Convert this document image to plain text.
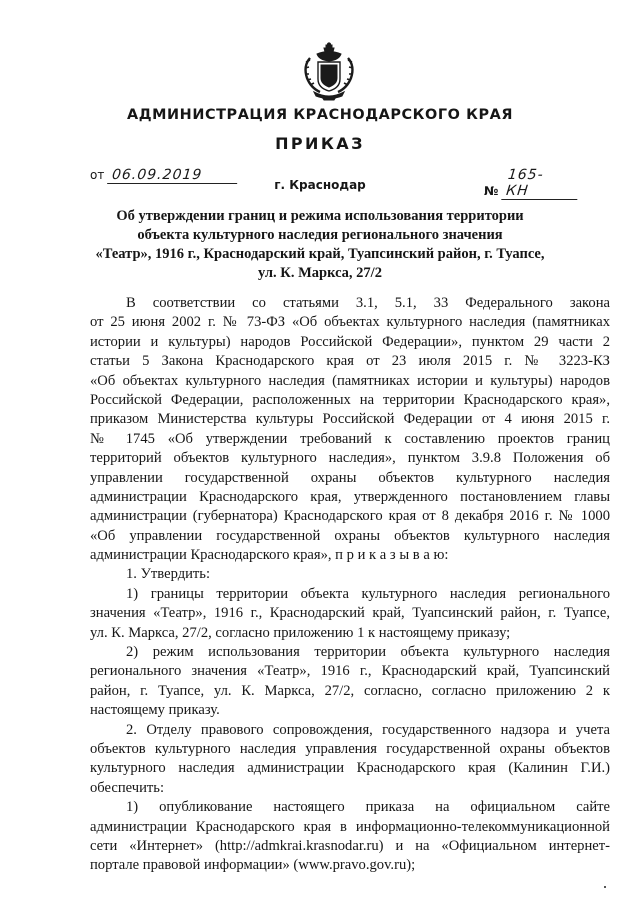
АДМИНИСТРАЦИЯ КРАСНОДАРСКОГО КРАЯ
ПРИКАЗ
от 06.09.2019
№ 165-КН
г. Краснодар
Об утверждении границ и режима использования территории
объекта культурного наследия регионального значения
«Театр», 1916 г., Краснодарский край, Туапсинский район, г. Туапсе,
ул. К. Маркса, 27/2
В соответствии со статьями 3.1, 5.1, 33 Федерального закона
от 25 июня 2002 г. № 73-ФЗ «Об объектах культурного наследия (памятниках
истории и культуры) народов Российской Федерации», пунктом 29 части 2
статьи 5 Закона Краснодарского края от 23 июля 2015 г. № 3223-КЗ
«Об объектах культурного наследия (памятниках истории и культуры) народов
Российской Федерации, расположенных на территории Краснодарского края»,
приказом Министерства культуры Российской Федерации от 4 июня 2015 г.
№ 1745 «Об утверждении требований к составлению проектов границ
территорий объектов культурного наследия», пунктом 3.9.8 Положения об
управлении государственной охраны объектов культурного наследия
администрации Краснодарского края, утвержденного постановлением главы
администрации (губернатора) Краснодарского края от 8 декабря 2016 г. № 1000
«Об управлении государственной охраны объектов культурного наследия
администрации Краснодарского края», п р и к а з ы в а ю:
1. Утвердить:
1) границы территории объекта культурного наследия регионального
значения «Театр», 1916 г., Краснодарский край, Туапсинский район, г. Туапсе,
ул. К. Маркса, 27/2, согласно приложению 1 к настоящему приказу;
2) режим использования территории объекта культурного наследия
регионального значения «Театр», 1916 г., Краснодарский край, Туапсинский
район, г. Туапсе, ул. К. Маркса, 27/2, согласно, согласно приложению 2 к
настоящему приказу.
2. Отделу правового сопровождения, государственного надзора и учета
объектов культурного наследия управления государственной охраны объектов
культурного наследия администрации Краснодарского края (Калинин Г.И.)
обеспечить:
1) опубликование настоящего приказа на официальном сайте
администрации Краснодарского края в информационно-телекоммуникационной
сети «Интернет» (http://admkrai.krasnodar.ru) и на «Официальном интернет-
портале правовой информации» (www.pravo.gov.ru);
